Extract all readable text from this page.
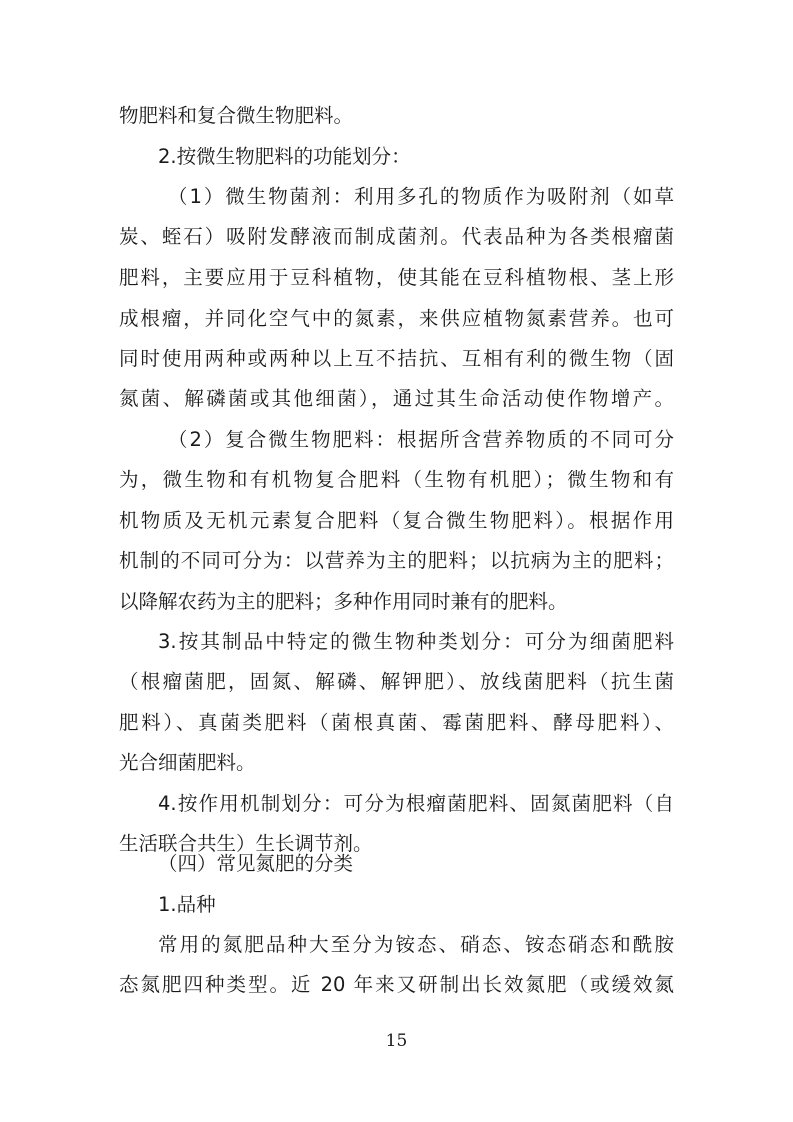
物肥料和复合微生物肥料。
2.按微生物肥料的功能划分：
（1）微生物菌剂：利用多孔的物质作为吸附剂（如草
炭、蛭石）吸附发酵液而制成菌剂。代表品种为各类根瘤菌
肥料，主要应用于豆科植物，使其能在豆科植物根、茎上形
成根瘤，并同化空气中的氮素，来供应植物氮素营养。也可
同时使用两种或两种以上互不拮抗、互相有利的微生物（固
氮菌、解磷菌或其他细菌），通过其生命活动使作物增产。
（2）复合微生物肥料：根据所含营养物质的不同可分
为，微生物和有机物复合肥料（生物有机肥）；微生物和有
机物质及无机元素复合肥料（复合微生物肥料）。根据作用
机制的不同可分为：以营养为主的肥料；以抗病为主的肥料；
以降解农药为主的肥料；多种作用同时兼有的肥料。
3.按其制品中特定的微生物种类划分：可分为细菌肥料
（根瘤菌肥，固氮、解磷、解钾肥）、放线菌肥料（抗生菌
肥料）、真菌类肥料（菌根真菌、霉菌肥料、酵母肥料）、
光合细菌肥料。
4.按作用机制划分：可分为根瘤菌肥料、固氮菌肥料（自
生活联合共生）生长调节剂。
（四）常见氮肥的分类
1.品种
常用的氮肥品种大至分为铵态、硝态、铵态硝态和酰胺
态氮肥四种类型。近 20 年来又研制出长效氮肥（或缓效氮
15
